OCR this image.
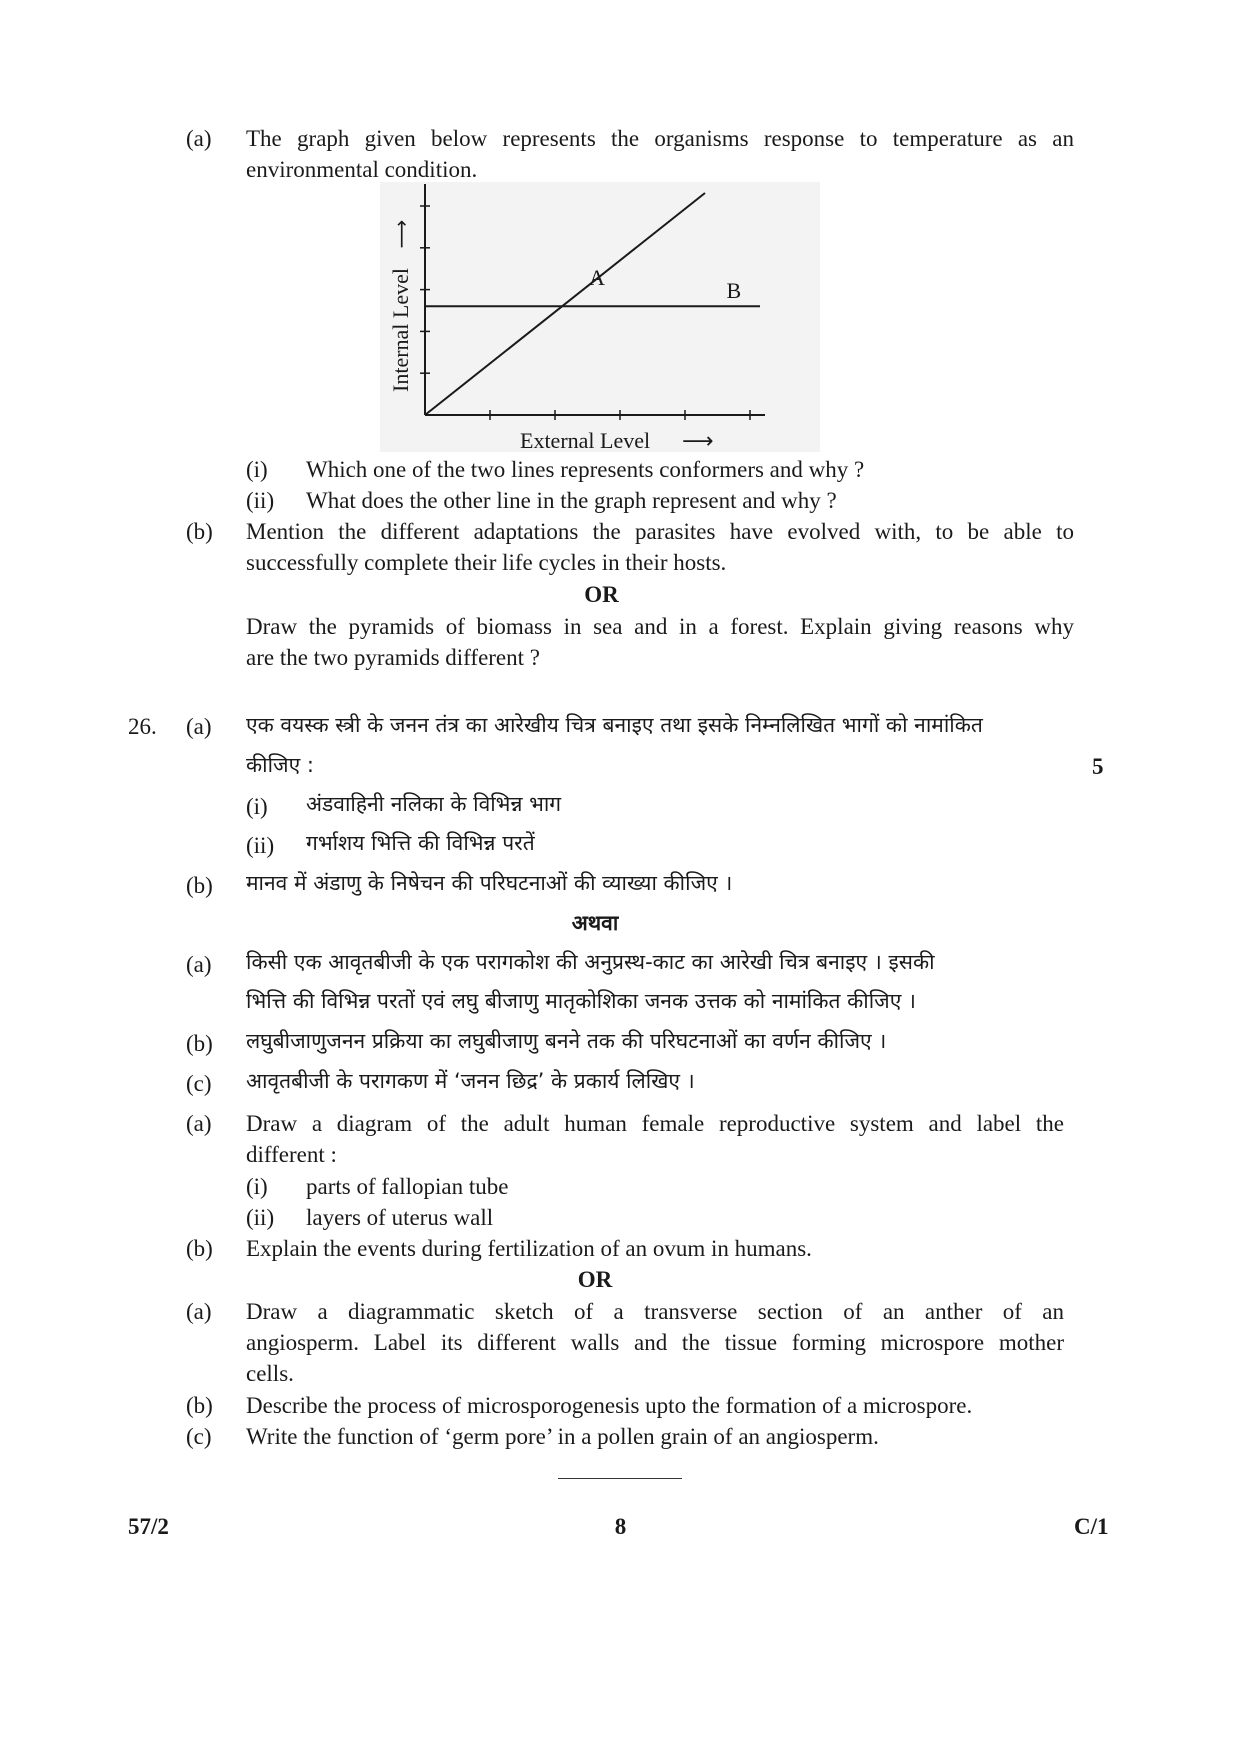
(a) The graph given below represents the organisms response to temperature as an
environmental condition.
A
B
Internal Level
⟶
External Level ⟶
(i) Which one of the two lines represents conformers and why ?
(ii) What does the other line in the graph represent and why ?
(b) Mention the different adaptations the parasites have evolved with, to be able to
successfully complete their life cycles in their hosts.
OR
Draw the pyramids of biomass in sea and in a forest. Explain giving reasons why
are the two pyramids different ?
26. (a) एक वयस्क स्त्री के जनन तंत्र का आरेखीय चित्र बनाइए तथा इसके निम्नलिखित भागों को नामांकित
कीजिए :	5
(i) अंडवाहिनी नलिका के विभिन्न भाग
(ii) गर्भाशय भित्ति की विभिन्न परतें
(b) मानव में अंडाणु के निषेचन की परिघटनाओं की व्याख्या कीजिए ।
अथवा
(a) किसी एक आवृतबीजी के एक परागकोश की अनुप्रस्थ-काट का आरेखी चित्र बनाइए । इसकी
भित्ति की विभिन्न परतों एवं लघु बीजाणु मातृकोशिका जनक उत्तक को नामांकित कीजिए ।
(b) लघुबीजाणुजनन प्रक्रिया का लघुबीजाणु बनने तक की परिघटनाओं का वर्णन कीजिए ।
(c) आवृतबीजी के परागकण में ‘जनन छिद्र’ के प्रकार्य लिखिए ।
(a) Draw a diagram of the adult human female reproductive system and label the
different :
(i) parts of fallopian tube
(ii) layers of uterus wall
(b) Explain the events during fertilization of an ovum in humans.
OR
(a) Draw a diagrammatic sketch of a transverse section of an anther of an
angiosperm. Label its different walls and the tissue forming microspore mother
cells.
(b) Describe the process of microsporogenesis upto the formation of a microspore.
(c) Write the function of ‘germ pore’ in a pollen grain of an angiosperm.
57/2	8	C/1
